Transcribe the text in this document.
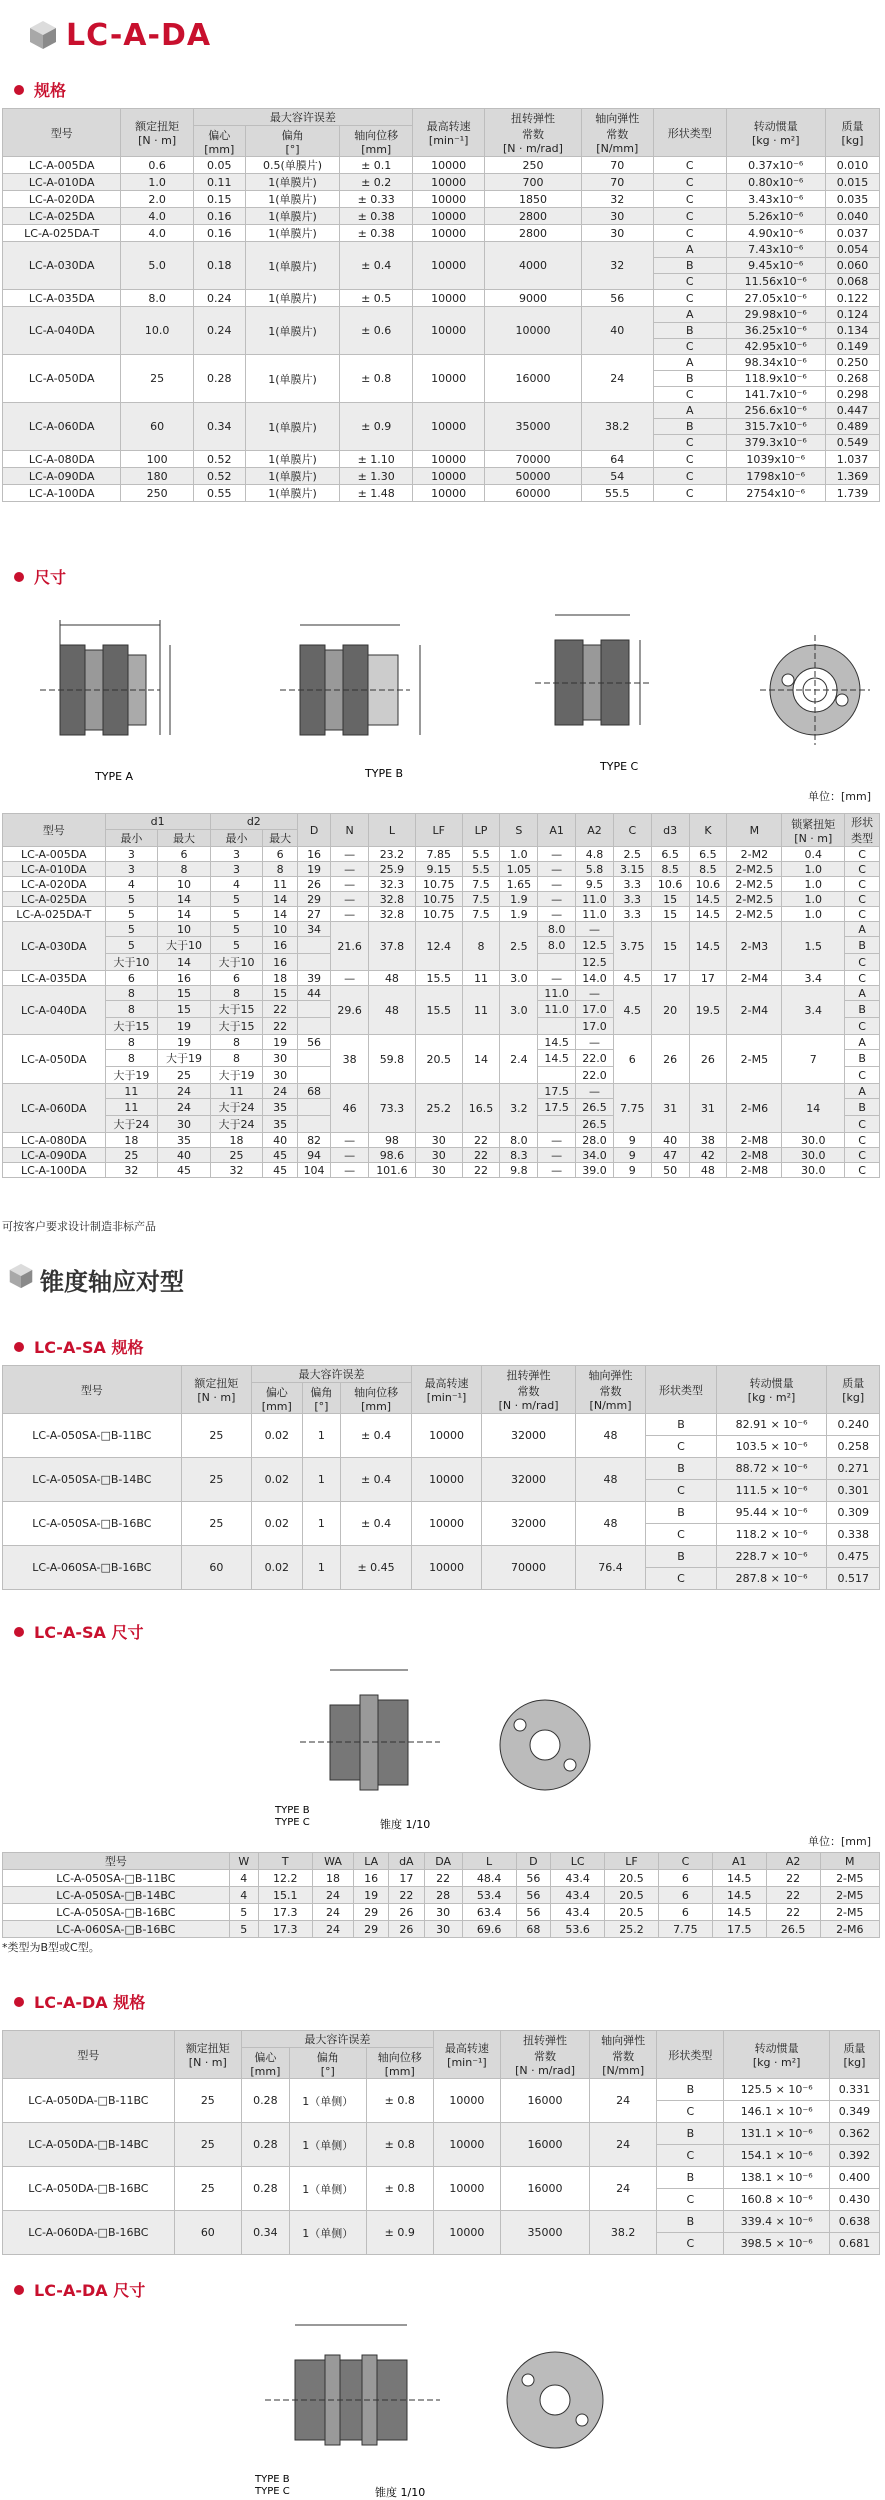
LC-A-DA
规格
型号	额定扭矩
[N · m]	最大容许误差			最高转速
[min⁻¹]	扭转弹性
常数
[N · m/rad]	轴向弹性
常数
[N/mm]	形状类型	转动惯量
[kg · m²]	质量
[kg]
		偏心
[mm]	偏角
[°]	轴向位移
[mm]						
LC-A-005DA	0.6	0.05	0.5(单膜片)	± 0.1	10000	250	70	C	0.37x10⁻⁶	0.010
LC-A-010DA	1.0	0.11	1(单膜片)	± 0.2	10000	700	70	C	0.80x10⁻⁶	0.015
LC-A-020DA	2.0	0.15	1(单膜片)	± 0.33	10000	1850	32	C	3.43x10⁻⁶	0.035
LC-A-025DA	4.0	0.16	1(单膜片)	± 0.38	10000	2800	30	C	5.26x10⁻⁶	0.040
LC-A-025DA-T	4.0	0.16	1(单膜片)	± 0.38	10000	2800	30	C	4.90x10⁻⁶	0.037
LC-A-030DA	5.0	0.18	1(单膜片)	± 0.4	10000	4000	32	A	7.43x10⁻⁶	0.054
								B	9.45x10⁻⁶	0.060
								C	11.56x10⁻⁶	0.068
LC-A-035DA	8.0	0.24	1(单膜片)	± 0.5	10000	9000	56	C	27.05x10⁻⁶	0.122
LC-A-040DA	10.0	0.24	1(单膜片)	± 0.6	10000	10000	40	A	29.98x10⁻⁶	0.124
								B	36.25x10⁻⁶	0.134
								C	42.95x10⁻⁶	0.149
LC-A-050DA	25	0.28	1(单膜片)	± 0.8	10000	16000	24	A	98.34x10⁻⁶	0.250
								B	118.9x10⁻⁶	0.268
								C	141.7x10⁻⁶	0.298
LC-A-060DA	60	0.34	1(单膜片)	± 0.9	10000	35000	38.2	A	256.6x10⁻⁶	0.447
								B	315.7x10⁻⁶	0.489
								C	379.3x10⁻⁶	0.549
LC-A-080DA	100	0.52	1(单膜片)	± 1.10	10000	70000	64	C	1039x10⁻⁶	1.037
LC-A-090DA	180	0.52	1(单膜片)	± 1.30	10000	50000	54	C	1798x10⁻⁶	1.369
LC-A-100DA	250	0.55	1(单膜片)	± 1.48	10000	60000	55.5	C	2754x10⁻⁶	1.739
尺寸
TYPE A	TYPE B
TYPE C
单位：[mm]
型号	d1		d2		D	N	L	LF	LP	S	A1	A2	C	d3	K	M	锁紧扭矩
[N · m]	形状
类型
	最小	最大	最小	最大														
LC-A-005DA	3	6	3	6	16	—	23.2	7.85	5.5	1.0	—	4.8	2.5	6.5	6.5	2-M2	0.4	C
LC-A-010DA	3	8	3	8	19	—	25.9	9.15	5.5	1.05	—	5.8	3.15	8.5	8.5	2-M2.5	1.0	C
LC-A-020DA	4	10	4	11	26	—	32.3	10.75	7.5	1.65	—	9.5	3.3	10.6	10.6	2-M2.5	1.0	C
LC-A-025DA	5	14	5	14	29	—	32.8	10.75	7.5	1.9	—	11.0	3.3	15	14.5	2-M2.5	1.0	C
LC-A-025DA-T	5	14	5	14	27	—	32.8	10.75	7.5	1.9	—	11.0	3.3	15	14.5	2-M2.5	1.0	C
LC-A-030DA	5	10	5	10	34	21.6	37.8	12.4	8	2.5	8.0	—	3.75	15	14.5	2-M3	1.5	A
	5	大于10	5	16							8.0	12.5						B
	大于10	14	大于10	16								12.5						C
LC-A-035DA	6	16	6	18	39	—	48	15.5	11	3.0	—	14.0	4.5	17	17	2-M4	3.4	C
LC-A-040DA	8	15	8	15	44	29.6	48	15.5	11	3.0	11.0	—	4.5	20	19.5	2-M4	3.4	A
	8	15	大于15	22							11.0	17.0						B
	大于15	19	大于15	22								17.0						C
LC-A-050DA	8	19	8	19	56	38	59.8	20.5	14	2.4	14.5	—	6	26	26	2-M5	7	A
	8	大于19	8	30							14.5	22.0						B
	大于19	25	大于19	30								22.0						C
LC-A-060DA	11	24	11	24	68	46	73.3	25.2	16.5	3.2	17.5	—	7.75	31	31	2-M6	14	A
	11	24	大于24	35							17.5	26.5						B
	大于24	30	大于24	35								26.5						C
LC-A-080DA	18	35	18	40	82	—	98	30	22	8.0	—	28.0	9	40	38	2-M8	30.0	C
LC-A-090DA	25	40	25	45	94	—	98.6	30	22	8.3	—	34.0	9	47	42	2-M8	30.0	C
LC-A-100DA	32	45	32	45	104	—	101.6	30	22	9.8	—	39.0	9	50	48	2-M8	30.0	C
可按客户要求设计制造非标产品
锥度轴应对型
LC-A-SA 规格
型号	额定扭矩
[N · m]	最大容许误差			最高转速
[min⁻¹]	扭转弹性
常数
[N · m/rad]	轴向弹性
常数
[N/mm]	形状类型	转动惯量
[kg · m²]	质量
[kg]
		偏心
[mm]	偏角
[°]	轴向位移
[mm]						
LC-A-050SA-□B-11BC	25	0.02	1	± 0.4	10000	32000	48	B	82.91 × 10⁻⁶	0.240
								C	103.5 × 10⁻⁶	0.258
LC-A-050SA-□B-14BC	25	0.02	1	± 0.4	10000	32000	48	B	88.72 × 10⁻⁶	0.271
								C	111.5 × 10⁻⁶	0.301
LC-A-050SA-□B-16BC	25	0.02	1	± 0.4	10000	32000	48	B	95.44 × 10⁻⁶	0.309
								C	118.2 × 10⁻⁶	0.338
LC-A-060SA-□B-16BC	60	0.02	1	± 0.45	10000	70000	76.4	B	228.7 × 10⁻⁶	0.475
								C	287.8 × 10⁻⁶	0.517
LC-A-SA 尺寸
TYPE B
TYPE C	锥度 1/10
单位：[mm]
型号	W	T	WA	LA	dA	DA	L	D	LC	LF	C	A1	A2	M
LC-A-050SA-□B-11BC	4	12.2	18	16	17	22	48.4	56	43.4	20.5	6	14.5	22	2-M5
LC-A-050SA-□B-14BC	4	15.1	24	19	22	28	53.4	56	43.4	20.5	6	14.5	22	2-M5
LC-A-050SA-□B-16BC	5	17.3	24	29	26	30	63.4	56	43.4	20.5	6	14.5	22	2-M5
LC-A-060SA-□B-16BC	5	17.3	24	29	26	30	69.6	68	53.6	25.2	7.75	17.5	26.5	2-M6
*类型为B型或C型。
LC-A-DA 规格
型号	额定扭矩
[N · m]	最大容许误差			最高转速
[min⁻¹]	扭转弹性
常数
[N · m/rad]	轴向弹性
常数
[N/mm]	形状类型	转动惯量
[kg · m²]	质量
[kg]
		偏心
[mm]	偏角
[°]	轴向位移
[mm]						
LC-A-050DA-□B-11BC	25	0.28	1（单侧）	± 0.8	10000	16000	24	B	125.5 × 10⁻⁶	0.331
								C	146.1 × 10⁻⁶	0.349
LC-A-050DA-□B-14BC	25	0.28	1（单侧）	± 0.8	10000	16000	24	B	131.1 × 10⁻⁶	0.362
								C	154.1 × 10⁻⁶	0.392
LC-A-050DA-□B-16BC	25	0.28	1（单侧）	± 0.8	10000	16000	24	B	138.1 × 10⁻⁶	0.400
								C	160.8 × 10⁻⁶	0.430
LC-A-060DA-□B-16BC	60	0.34	1（单侧）	± 0.9	10000	35000	38.2	B	339.4 × 10⁻⁶	0.638
								C	398.5 × 10⁻⁶	0.681
LC-A-DA 尺寸
TYPE B
TYPE C	锥度 1/10
